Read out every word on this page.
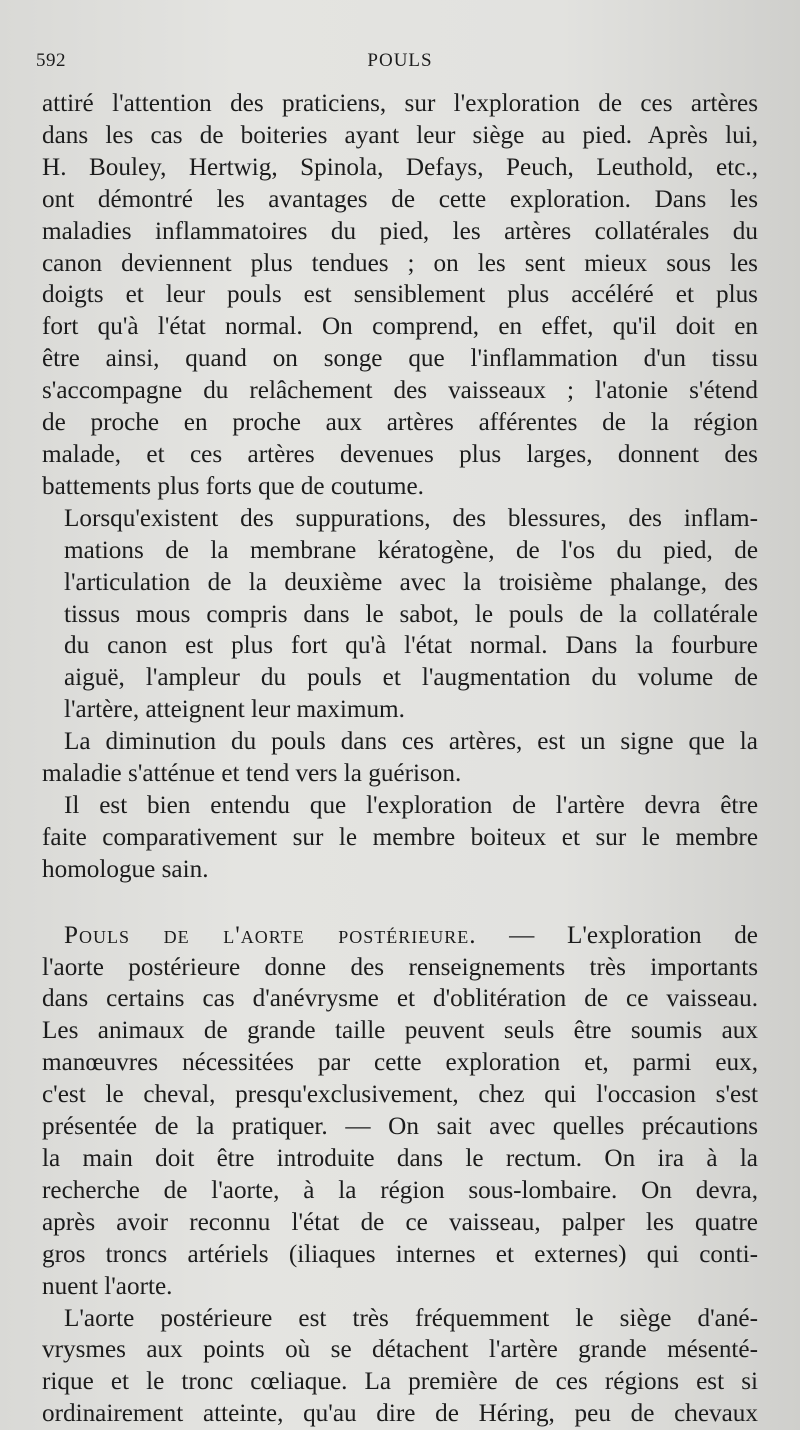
592	POULS

attiré l'attention des praticiens, sur l'exploration de ces artères
dans les cas de boiteries ayant leur siège au pied. Après lui,
H. Bouley, Hertwig, Spinola, Defays, Peuch, Leuthold, etc.,
ont démontré les avantages de cette exploration. Dans les
maladies inflammatoires du pied, les artères collatérales du
canon deviennent plus tendues ; on les sent mieux sous les
doigts et leur pouls est sensiblement plus accéléré et plus
fort qu'à l'état normal. On comprend, en effet, qu'il doit en
être ainsi, quand on songe que l'inflammation d'un tissu
s'accompagne du relâchement des vaisseaux ; l'atonie s'étend
de proche en proche aux artères afférentes de la région
malade, et ces artères devenues plus larges, donnent des
battements plus forts que de coutume.

Lorsqu'existent des suppurations, des blessures, des inflam-
mations de la membrane kératogène, de l'os du pied, de
l'articulation de la deuxième avec la troisième phalange, des
tissus mous compris dans le sabot, le pouls de la collatérale
du canon est plus fort qu'à l'état normal. Dans la fourbure
aiguë, l'ampleur du pouls et l'augmentation du volume de
l'artère, atteignent leur maximum.

La diminution du pouls dans ces artères, est un signe que la
maladie s'atténue et tend vers la guérison.

Il est bien entendu que l'exploration de l'artère devra être
faite comparativement sur le membre boiteux et sur le membre
homologue sain.

Pouls de l'aorte postérieure. — L'exploration de
l'aorte postérieure donne des renseignements très importants
dans certains cas d'anévrysme et d'oblitération de ce vaisseau.
Les animaux de grande taille peuvent seuls être soumis aux
manœuvres nécessitées par cette exploration et, parmi eux,
c'est le cheval, presqu'exclusivement, chez qui l'occasion s'est
présentée de la pratiquer. — On sait avec quelles précautions
la main doit être introduite dans le rectum. On ira à la
recherche de l'aorte, à la région sous-lombaire. On devra,
après avoir reconnu l'état de ce vaisseau, palper les quatre
gros troncs artériels (iliaques internes et externes) qui conti-
nuent l'aorte.

L'aorte postérieure est très fréquemment le siège d'ané-
vrysmes aux points où se détachent l'artère grande mésenté-
rique et le tronc cœliaque. La première de ces régions est si
ordinairement atteinte, qu'au dire de Héring, peu de chevaux
